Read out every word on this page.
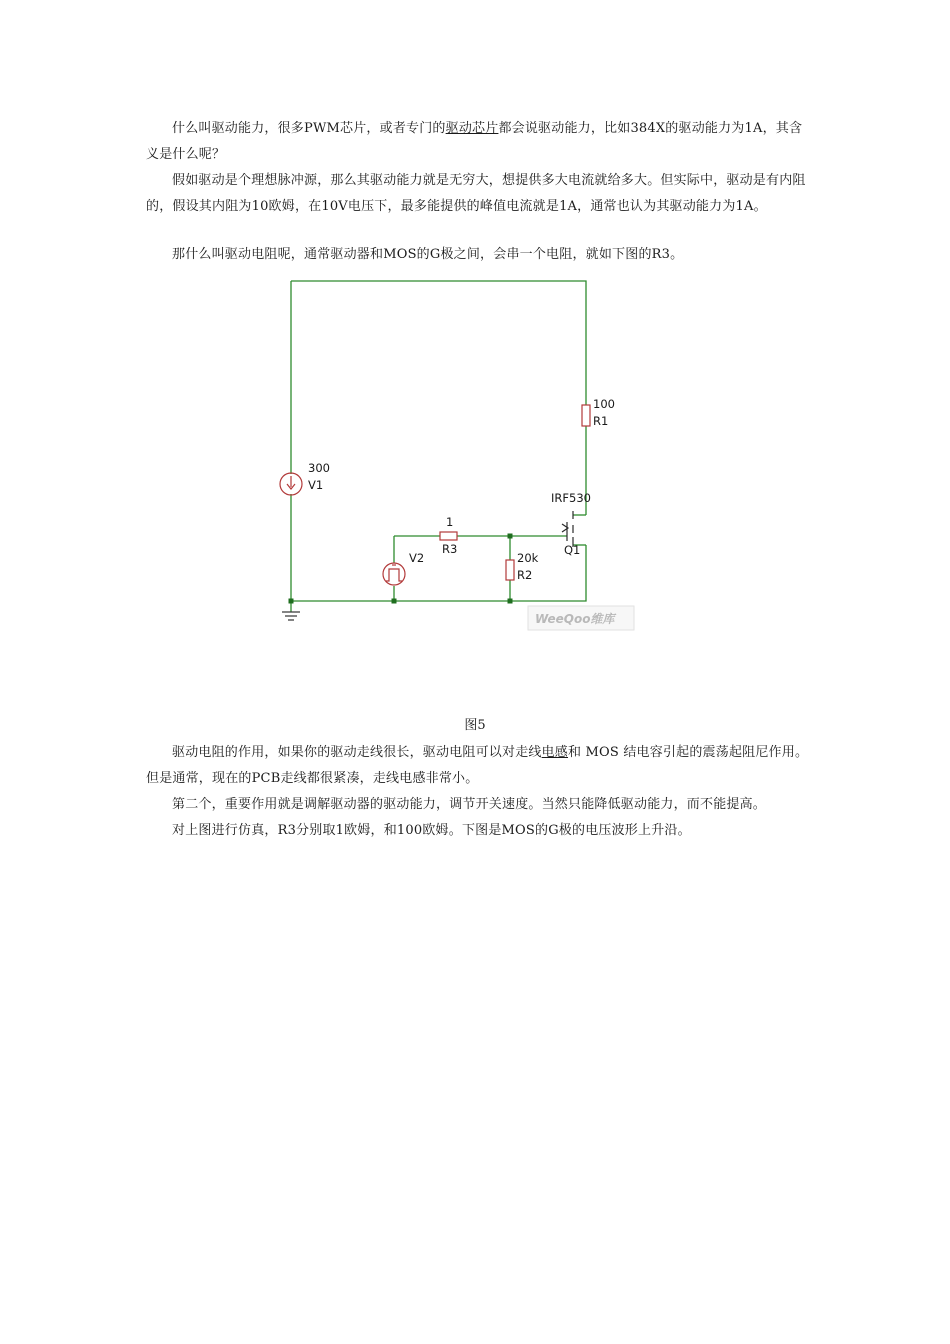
什么叫驱动能力，很多PWM芯片，或者专门的驱动芯片都会说驱动能力，比如384X的驱动能力为1A，其含义是什么呢？

假如驱动是个理想脉冲源，那么其驱动能力就是无穷大，想提供多大电流就给多大。但实际中，驱动是有内阻的，假设其内阻为10欧姆，在10V电压下，最多能提供的峰值电流就是1A，通常也认为其驱动能力为1A。

那什么叫驱动电阻呢，通常驱动器和MOS的G极之间，会串一个电阻，就如下图的R3。

100
R1
300
V1
IRF530
Q1
1
R3
V2	20k
R2
WeeQoo维库
图5

驱动电阻的作用，如果你的驱动走线很长，驱动电阻可以对走线电感和 MOS 结电容引起的震荡起阻尼作用。但是通常，现在的PCB走线都很紧凑，走线电感非常小。

第二个，重要作用就是调解驱动器的驱动能力，调节开关速度。当然只能降低驱动能力，而不能提高。

对上图进行仿真，R3分别取1欧姆，和100欧姆。下图是MOS的G极的电压波形上升沿。
